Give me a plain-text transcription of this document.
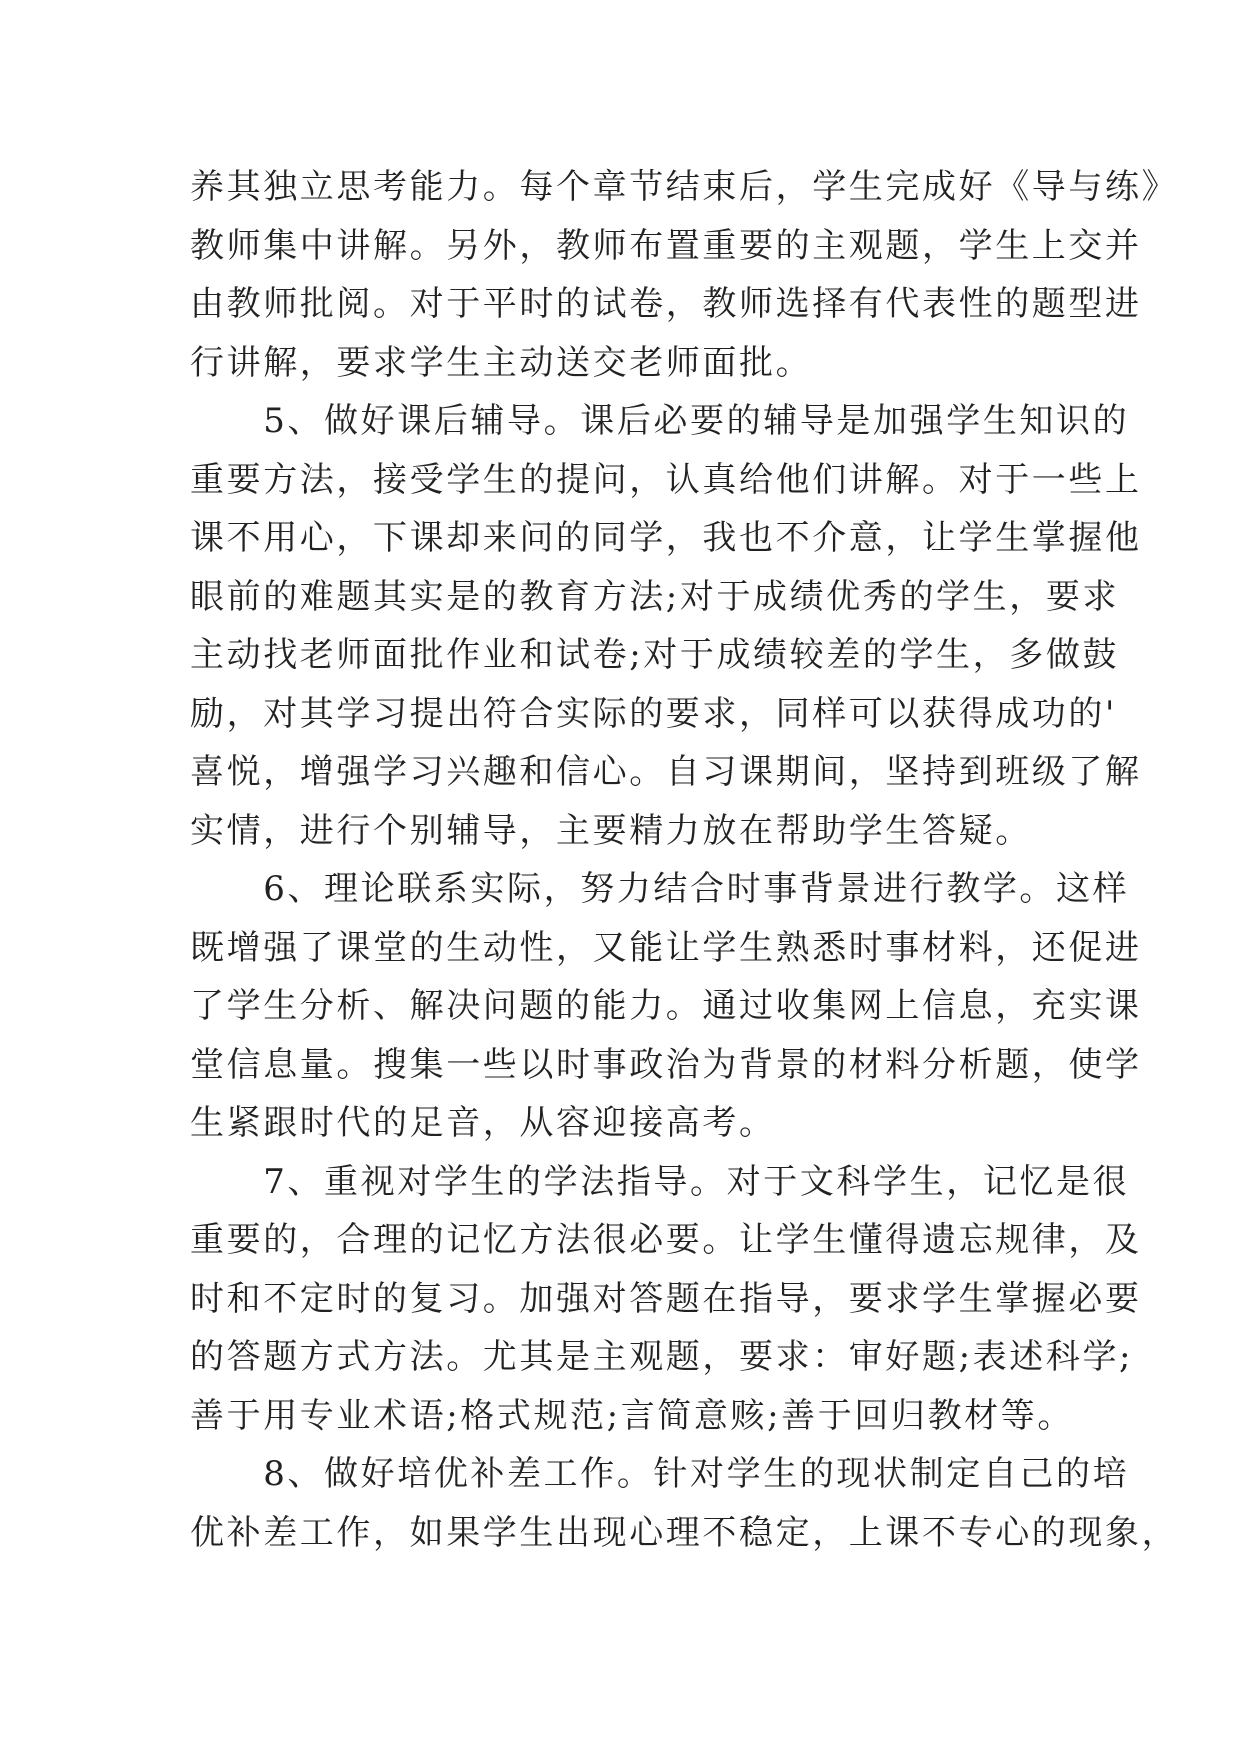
养其独立思考能力。每个章节结束后，学生完成好《导与练》
教师集中讲解。另外，教师布置重要的主观题，学生上交并
由教师批阅。对于平时的试卷，教师选择有代表性的题型进
行讲解，要求学生主动送交老师面批。
　　5、做好课后辅导。课后必要的辅导是加强学生知识的
重要方法，接受学生的提问，认真给他们讲解。对于一些上
课不用心，下课却来问的同学，我也不介意，让学生掌握他
眼前的难题其实是的教育方法;对于成绩优秀的学生，要求
主动找老师面批作业和试卷;对于成绩较差的学生，多做鼓
励，对其学习提出符合实际的要求，同样可以获得成功的'
喜悦，增强学习兴趣和信心。自习课期间，坚持到班级了解
实情，进行个别辅导，主要精力放在帮助学生答疑。
　　6、理论联系实际，努力结合时事背景进行教学。这样
既增强了课堂的生动性，又能让学生熟悉时事材料，还促进
了学生分析、解决问题的能力。通过收集网上信息，充实课
堂信息量。搜集一些以时事政治为背景的材料分析题，使学
生紧跟时代的足音，从容迎接高考。
　　7、重视对学生的学法指导。对于文科学生，记忆是很
重要的，合理的记忆方法很必要。让学生懂得遗忘规律，及
时和不定时的复习。加强对答题在指导，要求学生掌握必要
的答题方式方法。尤其是主观题，要求：审好题;表述科学;
善于用专业术语;格式规范;言简意赅;善于回归教材等。
　　8、做好培优补差工作。针对学生的现状制定自己的培
优补差工作，如果学生出现心理不稳定，上课不专心的现象，
